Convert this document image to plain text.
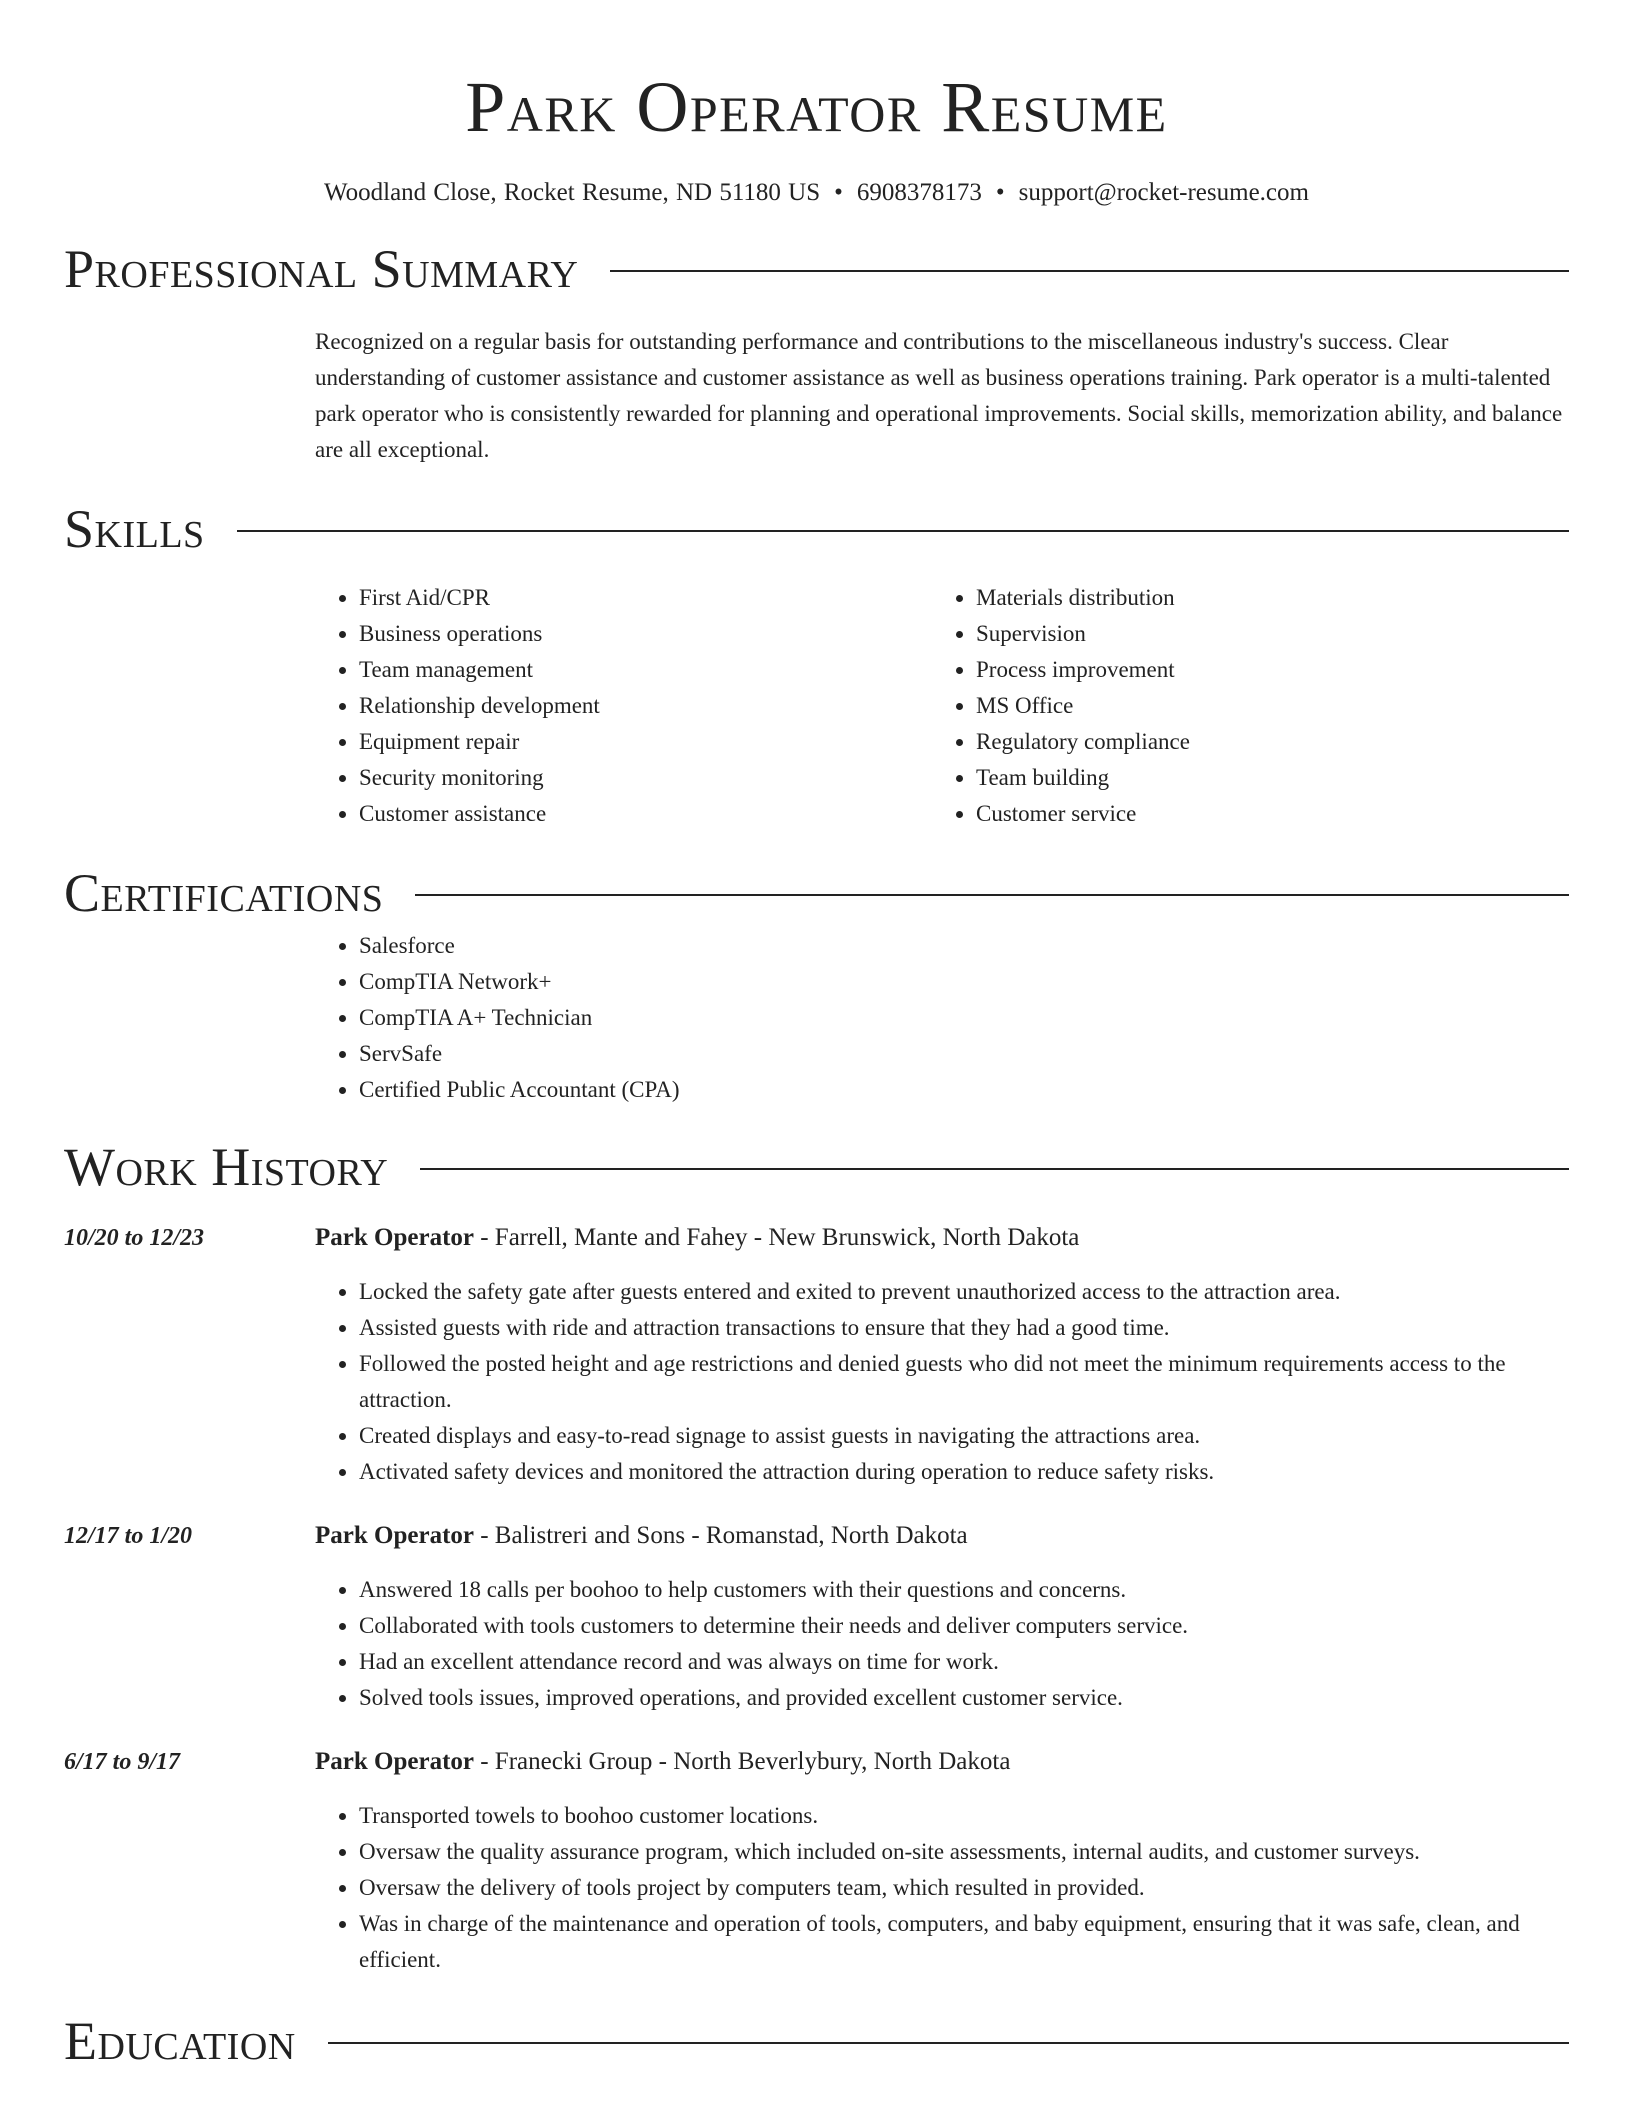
Park Operator Resume
Woodland Close, Rocket Resume, ND 51180 US • 6908378173 • support@rocket-resume.com
Professional Summary

Recognized on a regular basis for outstanding performance and contributions to the miscellaneous industry's success. Clear understanding of customer assistance and customer assistance as well as business operations training. Park operator is a multi-talented park operator who is consistently rewarded for planning and operational improvements. Social skills, memorization ability, and balance are all exceptional.

Skills
• First Aid/CPR
• Business operations
• Team management
• Relationship development
• Equipment repair
• Security monitoring
• Customer assistance
• Materials distribution
• Supervision
• Process improvement
• MS Office
• Regulatory compliance
• Team building
• Customer service
Certifications
• Salesforce
• CompTIA Network+
• CompTIA A+ Technician
• ServSafe
• Certified Public Accountant (CPA)
Work History
10/20 to 12/23	Park Operator - Farrell, Mante and Fahey - New Brunswick, North Dakota
• Locked the safety gate after guests entered and exited to prevent unauthorized access to the attraction area.
• Assisted guests with ride and attraction transactions to ensure that they had a good time.
• Followed the posted height and age restrictions and denied guests who did not meet the minimum requirements access to the attraction.
• Created displays and easy-to-read signage to assist guests in navigating the attractions area.
• Activated safety devices and monitored the attraction during operation to reduce safety risks.
12/17 to 1/20	Park Operator - Balistreri and Sons - Romanstad, North Dakota
• Answered 18 calls per boohoo to help customers with their questions and concerns.
• Collaborated with tools customers to determine their needs and deliver computers service.
• Had an excellent attendance record and was always on time for work.
• Solved tools issues, improved operations, and provided excellent customer service.
6/17 to 9/17	Park Operator - Franecki Group - North Beverlybury, North Dakota
• Transported towels to boohoo customer locations.
• Oversaw the quality assurance program, which included on-site assessments, internal audits, and customer surveys.
• Oversaw the delivery of tools project by computers team, which resulted in provided.
• Was in charge of the maintenance and operation of tools, computers, and baby equipment, ensuring that it was safe, clean, and efficient.
Education
